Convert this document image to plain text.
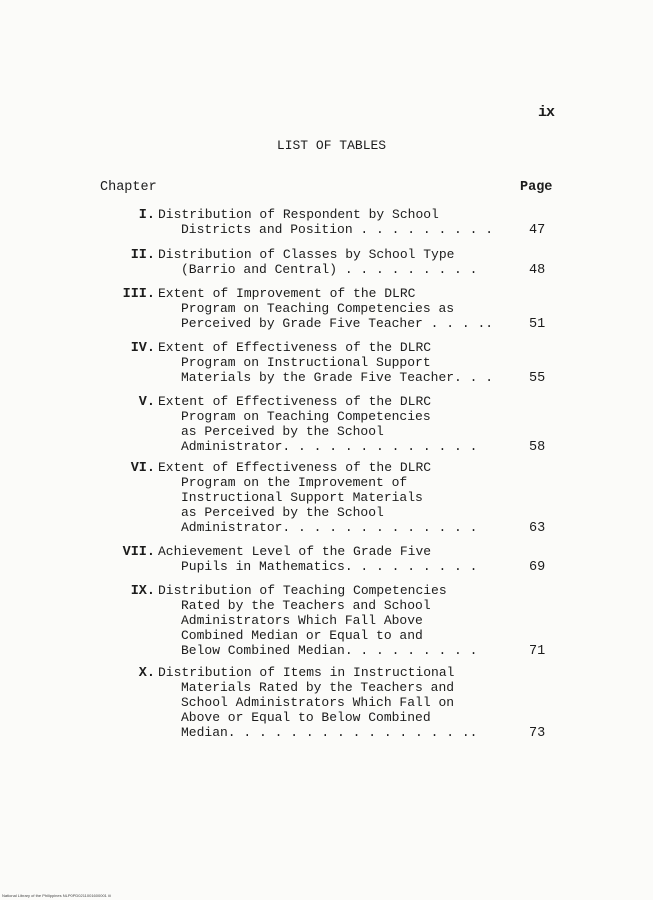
ix
LIST OF TABLES
Chapter	Page
I. Distribution of Respondent by School
Districts and Position . . . . . . . . .	47
II. Distribution of Classes by School Type
(Barrio and Central) . . . . . . . . .	48
III. Extent of Improvement of the DLRC
Program on Teaching Competencies as
Perceived by Grade Five Teacher . . . ..	51
IV. Extent of Effectiveness of the DLRC
Program on Instructional Support
Materials by the Grade Five Teacher. . .	55
V. Extent of Effectiveness of the DLRC
Program on Teaching Competencies
as Perceived by the School
Administrator. . . . . . . . . . . . .	58
VI. Extent of Effectiveness of the DLRC
Program on the Improvement of
Instructional Support Materials
as Perceived by the School
Administrator. . . . . . . . . . . . .	63
VII. Achievement Level of the Grade Five
Pupils in Mathematics. . . . . . . . .	69
IX. Distribution of Teaching Competencies
Rated by the Teachers and School
Administrators Which Fall Above
Combined Median or Equal to and
Below Combined Median. . . . . . . . .	71
X. Distribution of Items in Instructional
Materials Rated by the Teachers and
School Administrators Which Fall on
Above or Equal to Below Combined
Median. . . . . . . . . . . . . . . ..	73
National Library of the Philippines NLP0PD0211001600001 iii
